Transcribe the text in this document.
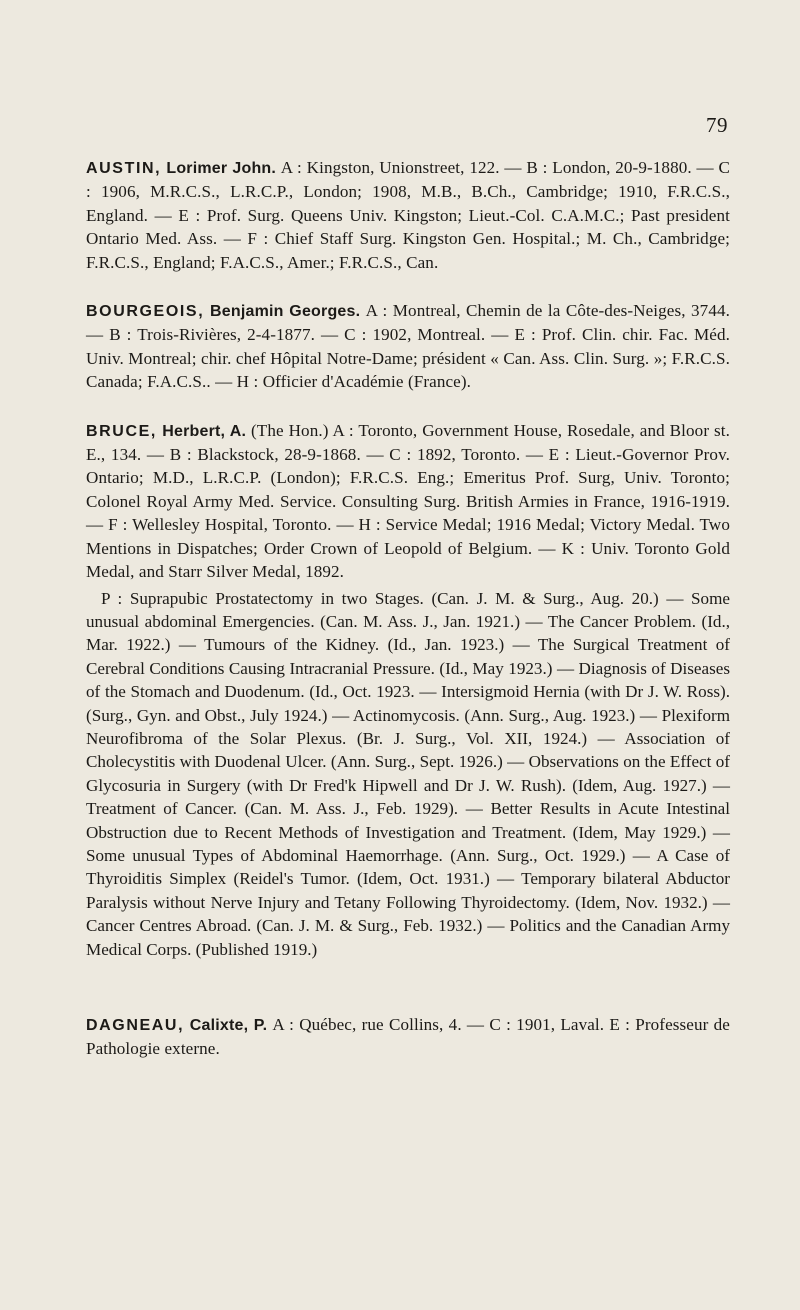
79

AUSTIN, Lorimer John. A : Kingston, Unionstreet, 122. — B : London, 20-9-1880. — C : 1906, M.R.C.S., L.R.C.P., London; 1908, M.B., B.Ch., Cambridge; 1910, F.R.C.S., England. — E : Prof. Surg. Queens Univ. Kingston; Lieut.-Col. C.A.M.C.; Past president Ontario Med. Ass. — F : Chief Staff Surg. Kingston Gen. Hospital.; M. Ch., Cambridge; F.R.C.S., England; F.A.C.S., Amer.; F.R.C.S., Can.

BOURGEOIS, Benjamin Georges. A : Montreal, Chemin de la Côte-des-Neiges, 3744. — B : Trois-Rivières, 2-4-1877. — C : 1902, Montreal. — E : Prof. Clin. chir. Fac. Méd. Univ. Montreal; chir. chef Hôpital Notre-Dame; président « Can. Ass. Clin. Surg. »; F.R.C.S. Canada; F.A.C.S.. — H : Officier d'Académie (France).

BRUCE, Herbert, A. (The Hon.) A : Toronto, Government House, Rosedale, and Bloor st. E., 134. — B : Blackstock, 28-9-1868. — C : 1892, Toronto. — E : Lieut.-Governor Prov. Ontario; M.D., L.R.C.P. (London); F.R.C.S. Eng.; Emeritus Prof. Surg, Univ. Toronto; Colonel Royal Army Med. Service. Consulting Surg. British Armies in France, 1916-1919. — F : Wellesley Hospital, Toronto. — H : Service Medal; 1916 Medal; Victory Medal. Two Mentions in Dispatches; Order Crown of Leopold of Belgium. — K : Univ. Toronto Gold Medal, and Starr Silver Medal, 1892.

P : Suprapubic Prostatectomy in two Stages. (Can. J. M. & Surg., Aug. 20.) — Some unusual abdominal Emergencies. (Can. M. Ass. J., Jan. 1921.) — The Cancer Problem. (Id., Mar. 1922.) — Tumours of the Kidney. (Id., Jan. 1923.) — The Surgical Treatment of Cerebral Conditions Causing Intracranial Pressure. (Id., May 1923.) — Diagnosis of Diseases of the Stomach and Duodenum. (Id., Oct. 1923. — Intersigmoid Hernia (with Dr J. W. Ross). (Surg., Gyn. and Obst., July 1924.) — Actinomycosis. (Ann. Surg., Aug. 1923.) — Plexiform Neurofibroma of the Solar Plexus. (Br. J. Surg., Vol. XII, 1924.) — Association of Cholecystitis with Duodenal Ulcer. (Ann. Surg., Sept. 1926.) — Observations on the Effect of Glycosuria in Surgery (with Dr Fred'k Hipwell and Dr J. W. Rush). (Idem, Aug. 1927.) — Treatment of Cancer. (Can. M. Ass. J., Feb. 1929). — Better Results in Acute Intestinal Obstruction due to Recent Methods of Investigation and Treatment. (Idem, May 1929.) — Some unusual Types of Abdominal Haemorrhage. (Ann. Surg., Oct. 1929.) — A Case of Thyroiditis Simplex (Reidel's Tumor. (Idem, Oct. 1931.) — Temporary bilateral Abductor Paralysis without Nerve Injury and Tetany Following Thyroidectomy. (Idem, Nov. 1932.) — Cancer Centres Abroad. (Can. J. M. & Surg., Feb. 1932.) — Politics and the Canadian Army Medical Corps. (Published 1919.)

DAGNEAU, Calixte, P. A : Québec, rue Collins, 4. — C : 1901, Laval. E : Professeur de Pathologie externe.
